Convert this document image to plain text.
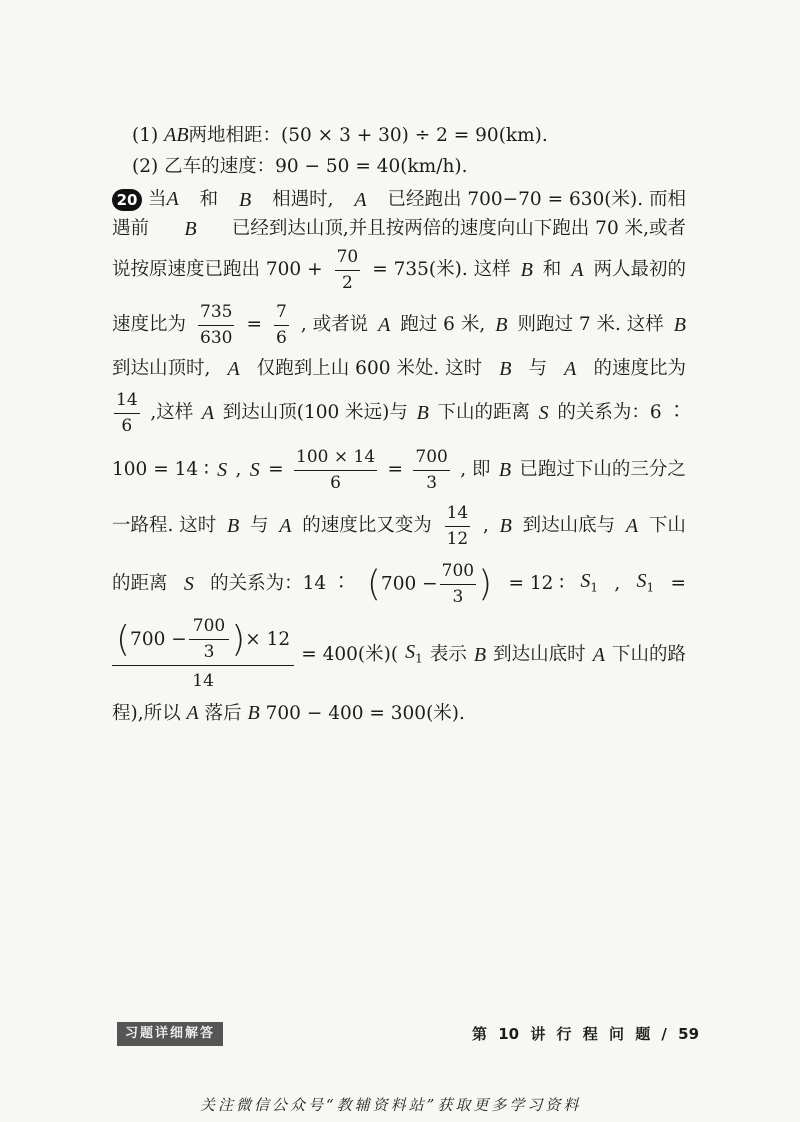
(1) AB两地相距：(50 × 3 + 30) ÷ 2 = 90(km).
(2) 乙车的速度：90 − 50 = 40(km/h).
20 当A 和 B 相遇时, A 已经跑出 700−70 = 630(米). 而相
遇前 B 已经到达山顶,并且按两倍的速度向山下跑出 70 米,或者
说按原速度已跑出 $700 + \frac{70}{2} = 735$(米). 这样 B 和 A 两人最初的
速度比为 $\frac{735}{630} = \frac{7}{6}$ , 或者说 A 跑过 6 米, B 则跑过 7 米. 这样 B
到达山顶时, A 仅跑到上山 600 米处. 这时 B 与 A 的速度比为
$\frac{14}{6}$ ,这样 A 到达山顶(100 米远)与 B 下山的距离 S 的关系为：6 ∶
100 = 14 ∶ S , $S = \frac{100 \times 14}{6} = \frac{700}{3}$ , 即 B 已跑过下山的三分之
一路程. 这时 B 与 A 的速度比又变为 $\frac{14}{12}$ , B 到达山底与 A 下山
的距离 S 的关系为：14 ∶ ($700 - \frac{700}{3}$ ) = 12 ∶ $S_1$ , $S_1$ =
$\frac{( 700 - \frac{700}{3} ) \times 12}{14} = 400$(米)( $S_1$ 表示 B 到达山底时 A 下山的路
程),所以 A 落后 B 700 − 400 = 300(米).
习题详细解答	第 10 讲 行 程 问 题 / 59
关注微信公众号“教辅资料站”获取更多学习资料
